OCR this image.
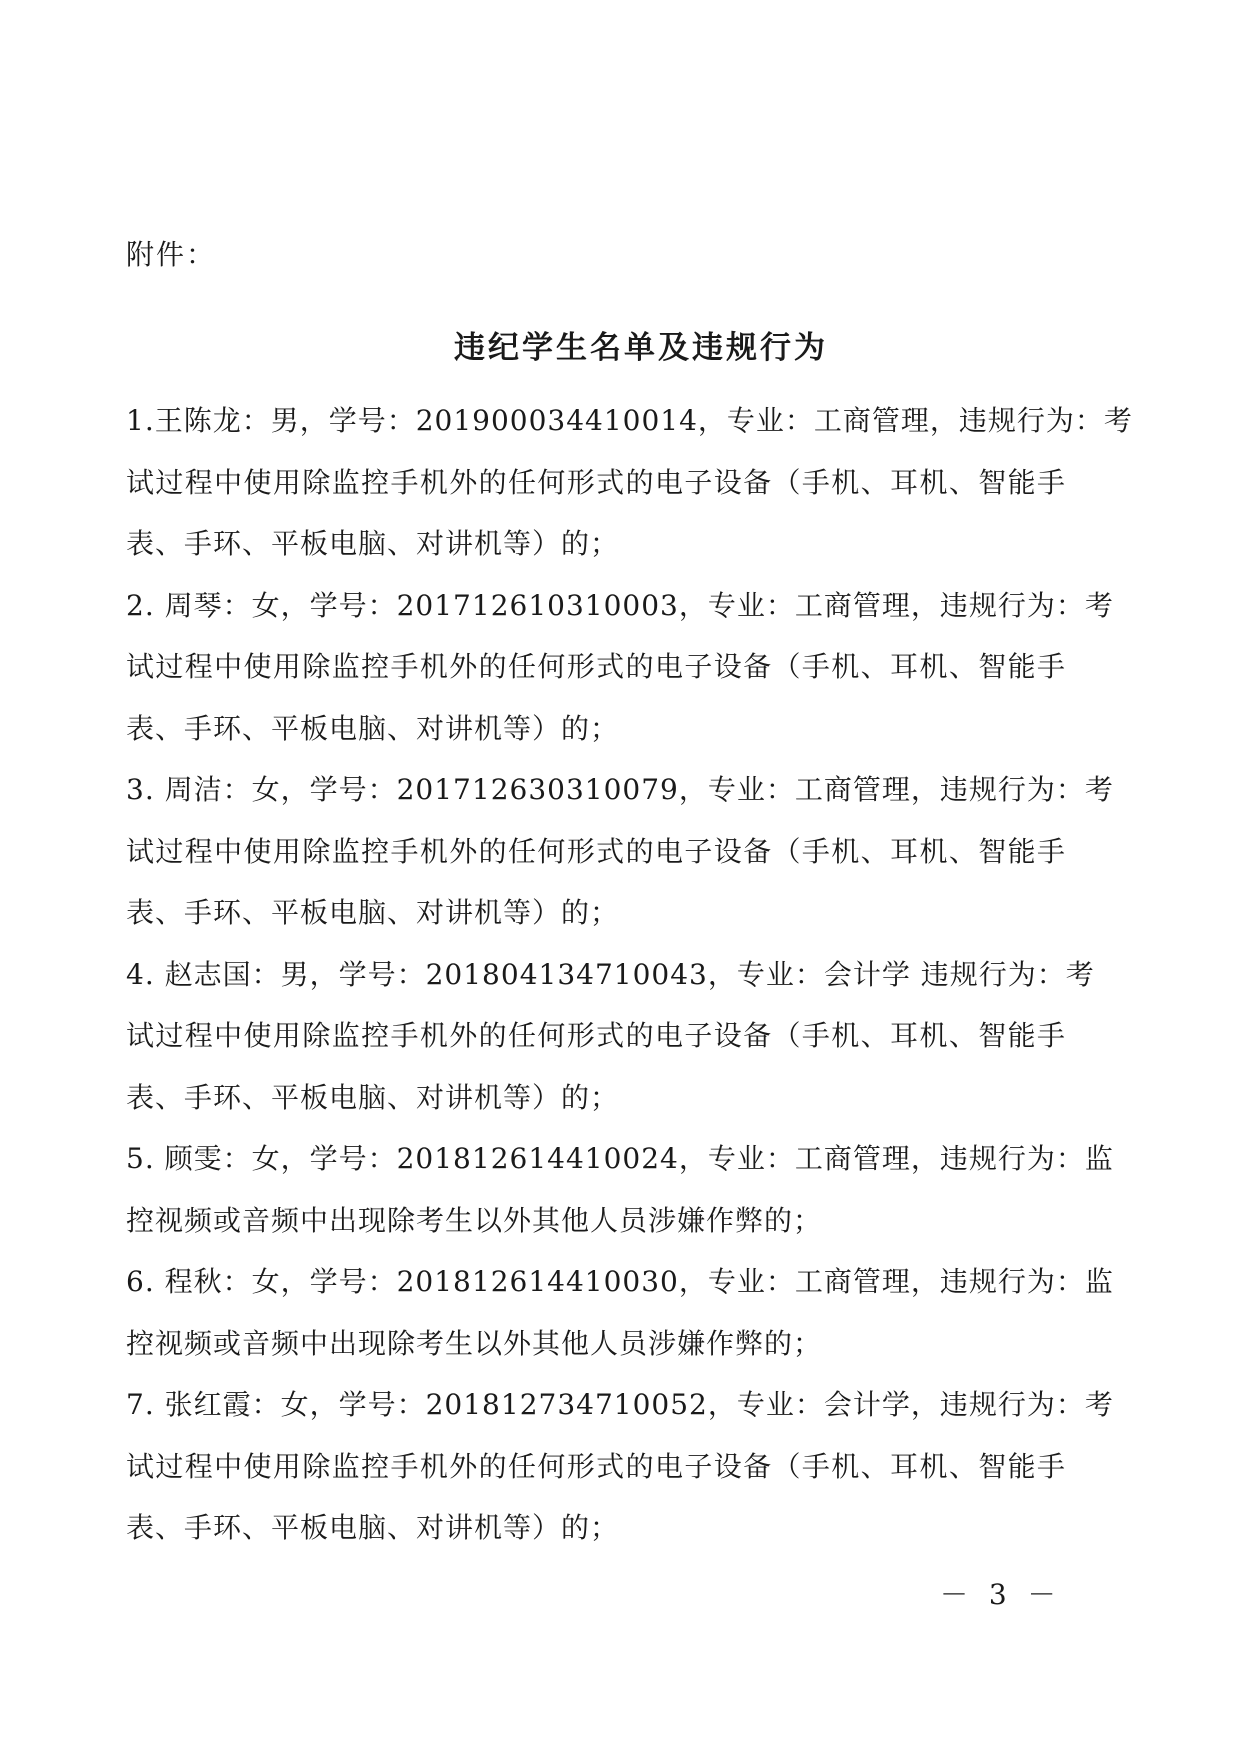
附件：
违纪学生名单及违规行为
1.王陈龙：男，学号：201900034410014，专业：工商管理，违规行为：考
试过程中使用除监控手机外的任何形式的电子设备（手机、耳机、智能手
表、手环、平板电脑、对讲机等）的；
2. 周琴：女，学号：201712610310003，专业：工商管理，违规行为：考
试过程中使用除监控手机外的任何形式的电子设备（手机、耳机、智能手
表、手环、平板电脑、对讲机等）的；
3. 周洁：女，学号：201712630310079，专业：工商管理，违规行为：考
试过程中使用除监控手机外的任何形式的电子设备（手机、耳机、智能手
表、手环、平板电脑、对讲机等）的；
4. 赵志国：男，学号：201804134710043，专业：会计学 违规行为：考
试过程中使用除监控手机外的任何形式的电子设备（手机、耳机、智能手
表、手环、平板电脑、对讲机等）的；
5. 顾雯：女，学号：201812614410024，专业：工商管理，违规行为：监
控视频或音频中出现除考生以外其他人员涉嫌作弊的；
6. 程秋：女，学号：201812614410030，专业：工商管理，违规行为：监
控视频或音频中出现除考生以外其他人员涉嫌作弊的；
7. 张红霞：女，学号：201812734710052，专业：会计学，违规行为：考
试过程中使用除监控手机外的任何形式的电子设备（手机、耳机、智能手
表、手环、平板电脑、对讲机等）的；
－ 3 －
